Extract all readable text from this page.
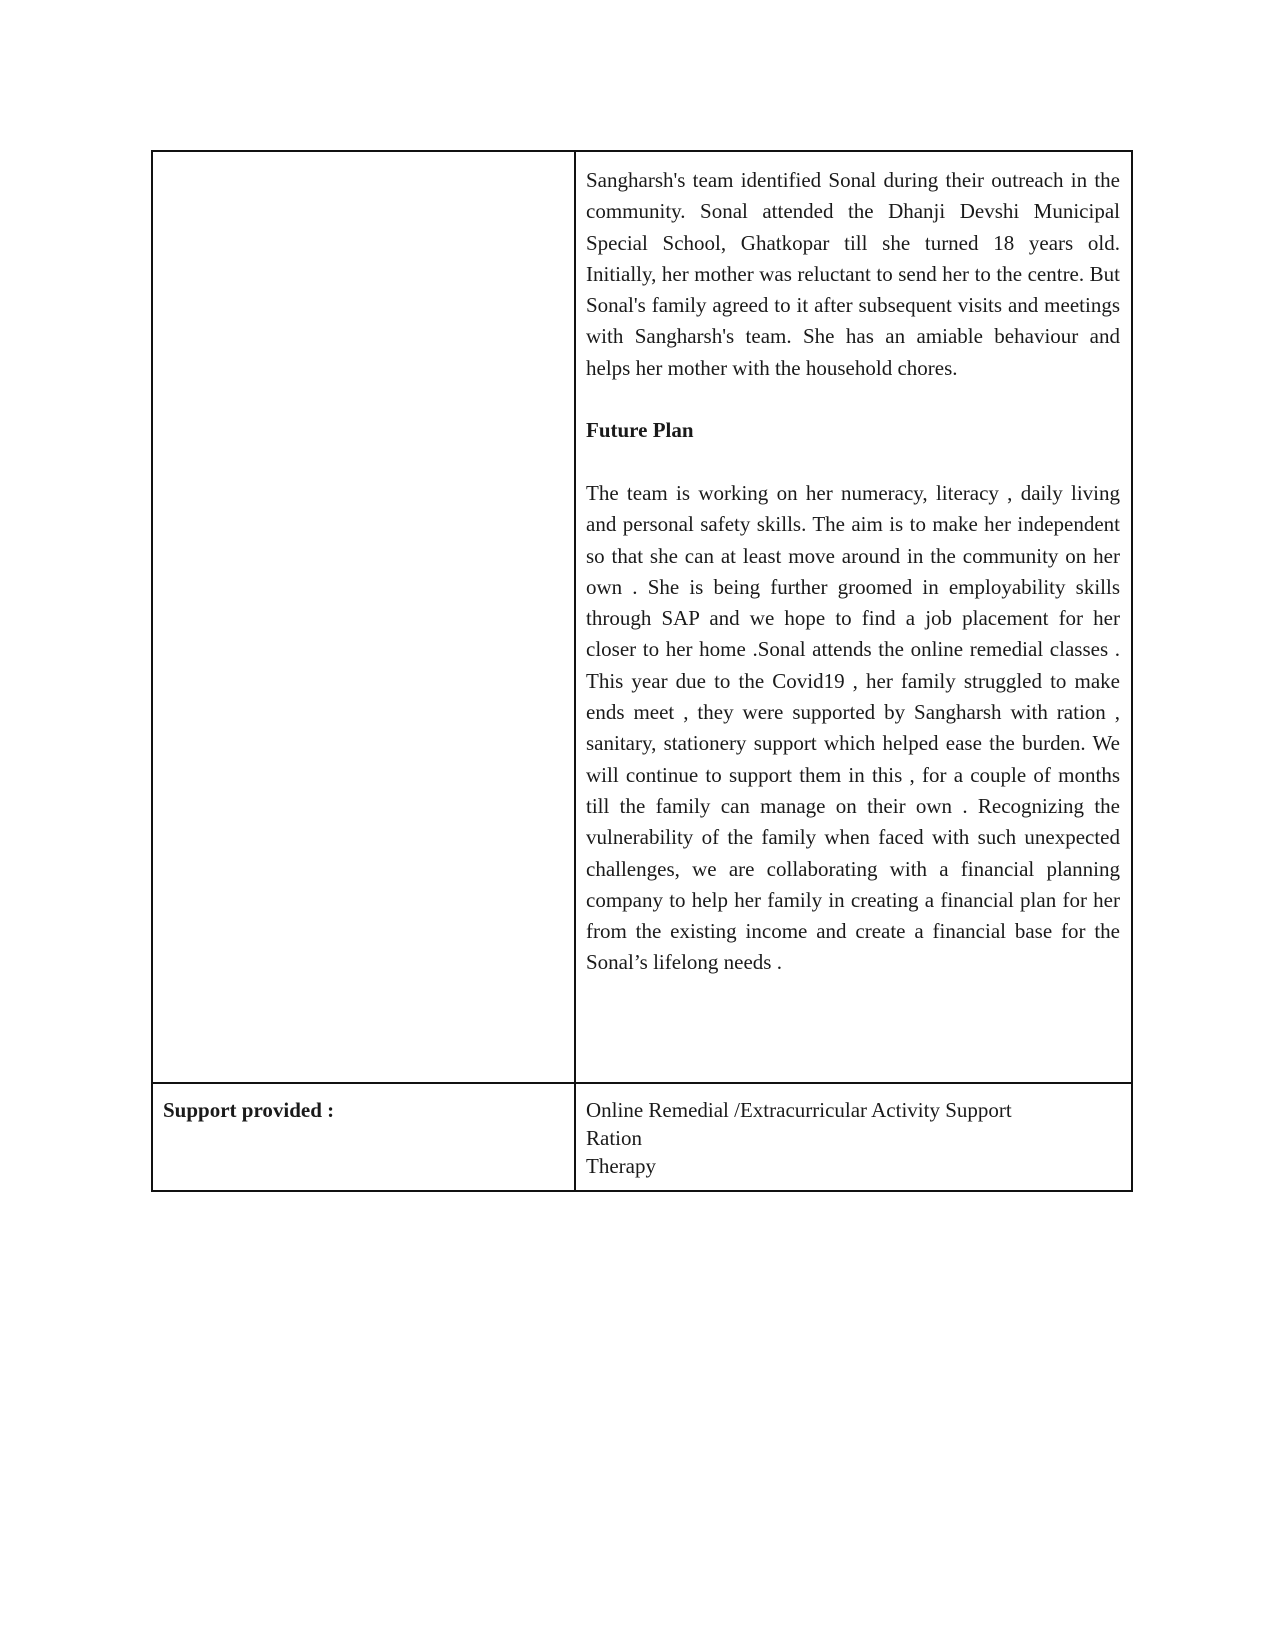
	Sangharsh's team identified Sonal during their outreach in the community. Sonal attended the Dhanji Devshi Municipal Special School, Ghatkopar till she turned 18 years old. Initially, her mother was reluctant to send her to the centre. But Sonal's family agreed to it after subsequent visits and meetings with Sangharsh's team. She has an amiable behaviour and helps her mother with the household chores.

Future Plan

The team is working on her numeracy, literacy , daily living and personal safety skills. The aim is to make her independent so that she can at least move around in the community on her own . She is being further groomed in employability skills through SAP and we hope to find a job placement for her closer to her home .Sonal attends the online remedial classes . This year due to the Covid19 , her family struggled to make ends meet , they were supported by Sangharsh with ration , sanitary, stationery support which helped ease the burden. We will continue to support them in this , for a couple of months till the family can manage on their own . Recognizing the vulnerability of the family when faced with such unexpected challenges, we are collaborating with a financial planning company to help her family in creating a financial plan for her from the existing income and create a financial base for the Sonal’s lifelong needs .

Support provided :	Online Remedial /Extracurricular Activity Support
Ration
Therapy
